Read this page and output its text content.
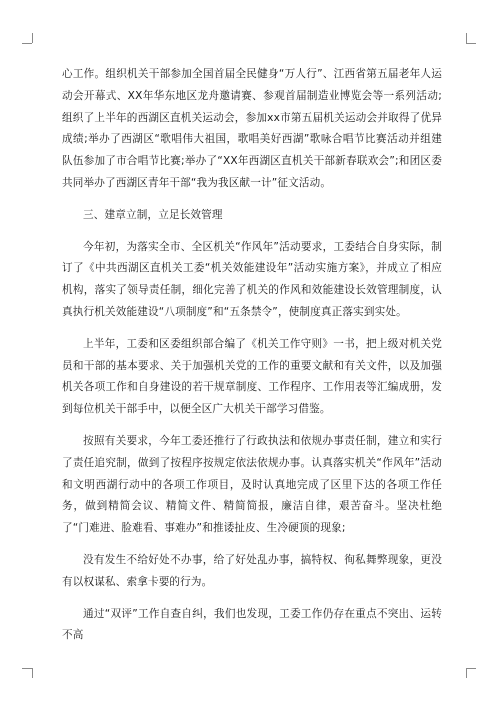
心工作。组织机关干部参加全国首届全民健身“万人行”、江西省第五届老年人运动会开幕式、XX年华东地区龙舟邀请赛、参观首届制造业博览会等一系列活动;组织了上半年的西湖区直机关运动会，参加xx市第五届机关运动会并取得了优异成绩;举办了西湖区“歌唱伟大祖国，歌唱美好西湖”歌咏合唱节比赛活动并组建队伍参加了市合唱节比赛;举办了“XX年西湖区直机关干部新春联欢会”;和团区委共同举办了西湖区青年干部“我为我区献一计”征文活动。

三、建章立制，立足长效管理

今年初，为落实全市、全区机关“作风年”活动要求，工委结合自身实际，制订了《中共西湖区直机关工委“机关效能建设年”活动实施方案》，并成立了相应机构，落实了领导责任制，细化完善了机关的作风和效能建设长效管理制度，认真执行机关效能建设“八项制度”和“五条禁令”，使制度真正落实到实处。

上半年，工委和区委组织部合编了《机关工作守则》一书，把上级对机关党员和干部的基本要求、关于加强机关党的工作的重要文献和有关文件，以及加强机关各项工作和自身建设的若干规章制度、工作程序、工作用表等汇编成册，发到每位机关干部手中，以便全区广大机关干部学习借鉴。

按照有关要求，今年工委还推行了行政执法和依规办事责任制，建立和实行了责任追究制，做到了按程序按规定依法依规办事。认真落实机关“作风年”活动和文明西湖行动中的各项工作项目，及时认真地完成了区里下达的各项工作任务，做到精简会议、精简文件、精简简报，廉洁自律，艰苦奋斗。坚决杜绝了“门难进、脸难看、事难办”和推诿扯皮、生冷硬顶的现象;

没有发生不给好处不办事，给了好处乱办事，搞特权、徇私舞弊现象，更没有以权谋私、索拿卡要的行为。

通过“双评”工作自查自纠，我们也发现，工委工作仍存在重点不突出、运转不高
